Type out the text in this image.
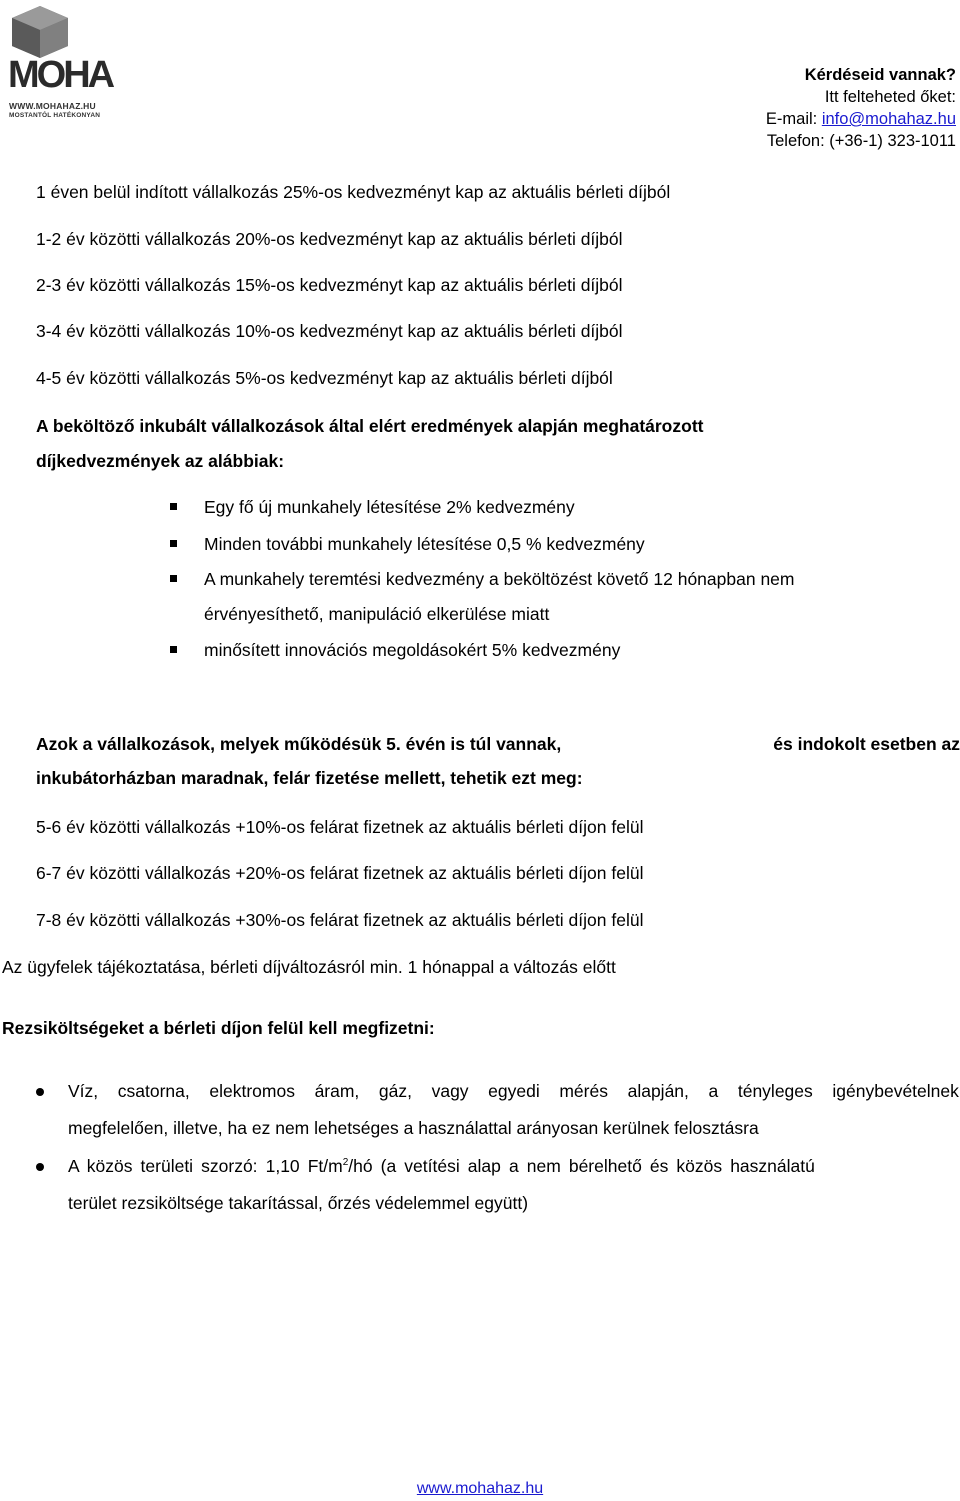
MOHA
WWW.MOHAHAZ.HU
MOSTANTÓL HATÉKONYAN
Kérdéseid vannak?
Itt felteheted őket:
E-mail: info@mohahaz.hu
Telefon: (+36-1) 323-1011
1 éven belül indított vállalkozás 25%-os kedvezményt kap az aktuális bérleti díjból
1-2 év közötti vállalkozás 20%-os kedvezményt kap az aktuális bérleti díjból
2-3 év közötti vállalkozás 15%-os kedvezményt kap az aktuális bérleti díjból
3-4 év közötti vállalkozás 10%-os kedvezményt kap az aktuális bérleti díjból
4-5 év közötti vállalkozás 5%-os kedvezményt kap az aktuális bérleti díjból
A beköltöző inkubált vállalkozások által elért eredmények alapján meghatározott
díjkedvezmények az alábbiak:
Egy fő új munkahely létesítése 2% kedvezmény
Minden további munkahely létesítése 0,5 % kedvezmény
A munkahely teremtési kedvezmény a beköltözést követő 12 hónapban nem
érvényesíthető, manipuláció elkerülése miatt
minősített innovációs megoldásokért 5% kedvezmény
Azok a vállalkozások, melyek működésük 5. évén is túl vannak,	és indokolt esetben az
inkubátorházban maradnak, felár fizetése mellett, tehetik ezt meg:
5-6 év közötti vállalkozás +10%-os felárat fizetnek az aktuális bérleti díjon felül
6-7 év közötti vállalkozás +20%-os felárat fizetnek az aktuális bérleti díjon felül
7-8 év közötti vállalkozás +30%-os felárat fizetnek az aktuális bérleti díjon felül
Az ügyfelek tájékoztatása, bérleti díjváltozásról min. 1 hónappal a változás előtt
Rezsiköltségeket a bérleti díjon felül kell megfizetni:
Víz, csatorna, elektromos áram, gáz, vagy egyedi mérés alapján, a tényleges igénybevételnek
megfelelően, illetve, ha ez nem lehetséges a használattal arányosan kerülnek felosztásra
A közös területi szorzó: 1,10 $Ft/m^2/hó$ (a vetítési alap a nem bérelhető és közös használatú
terület rezsiköltsége takarítással, őrzés védelemmel együtt)
www.mohahaz.hu
